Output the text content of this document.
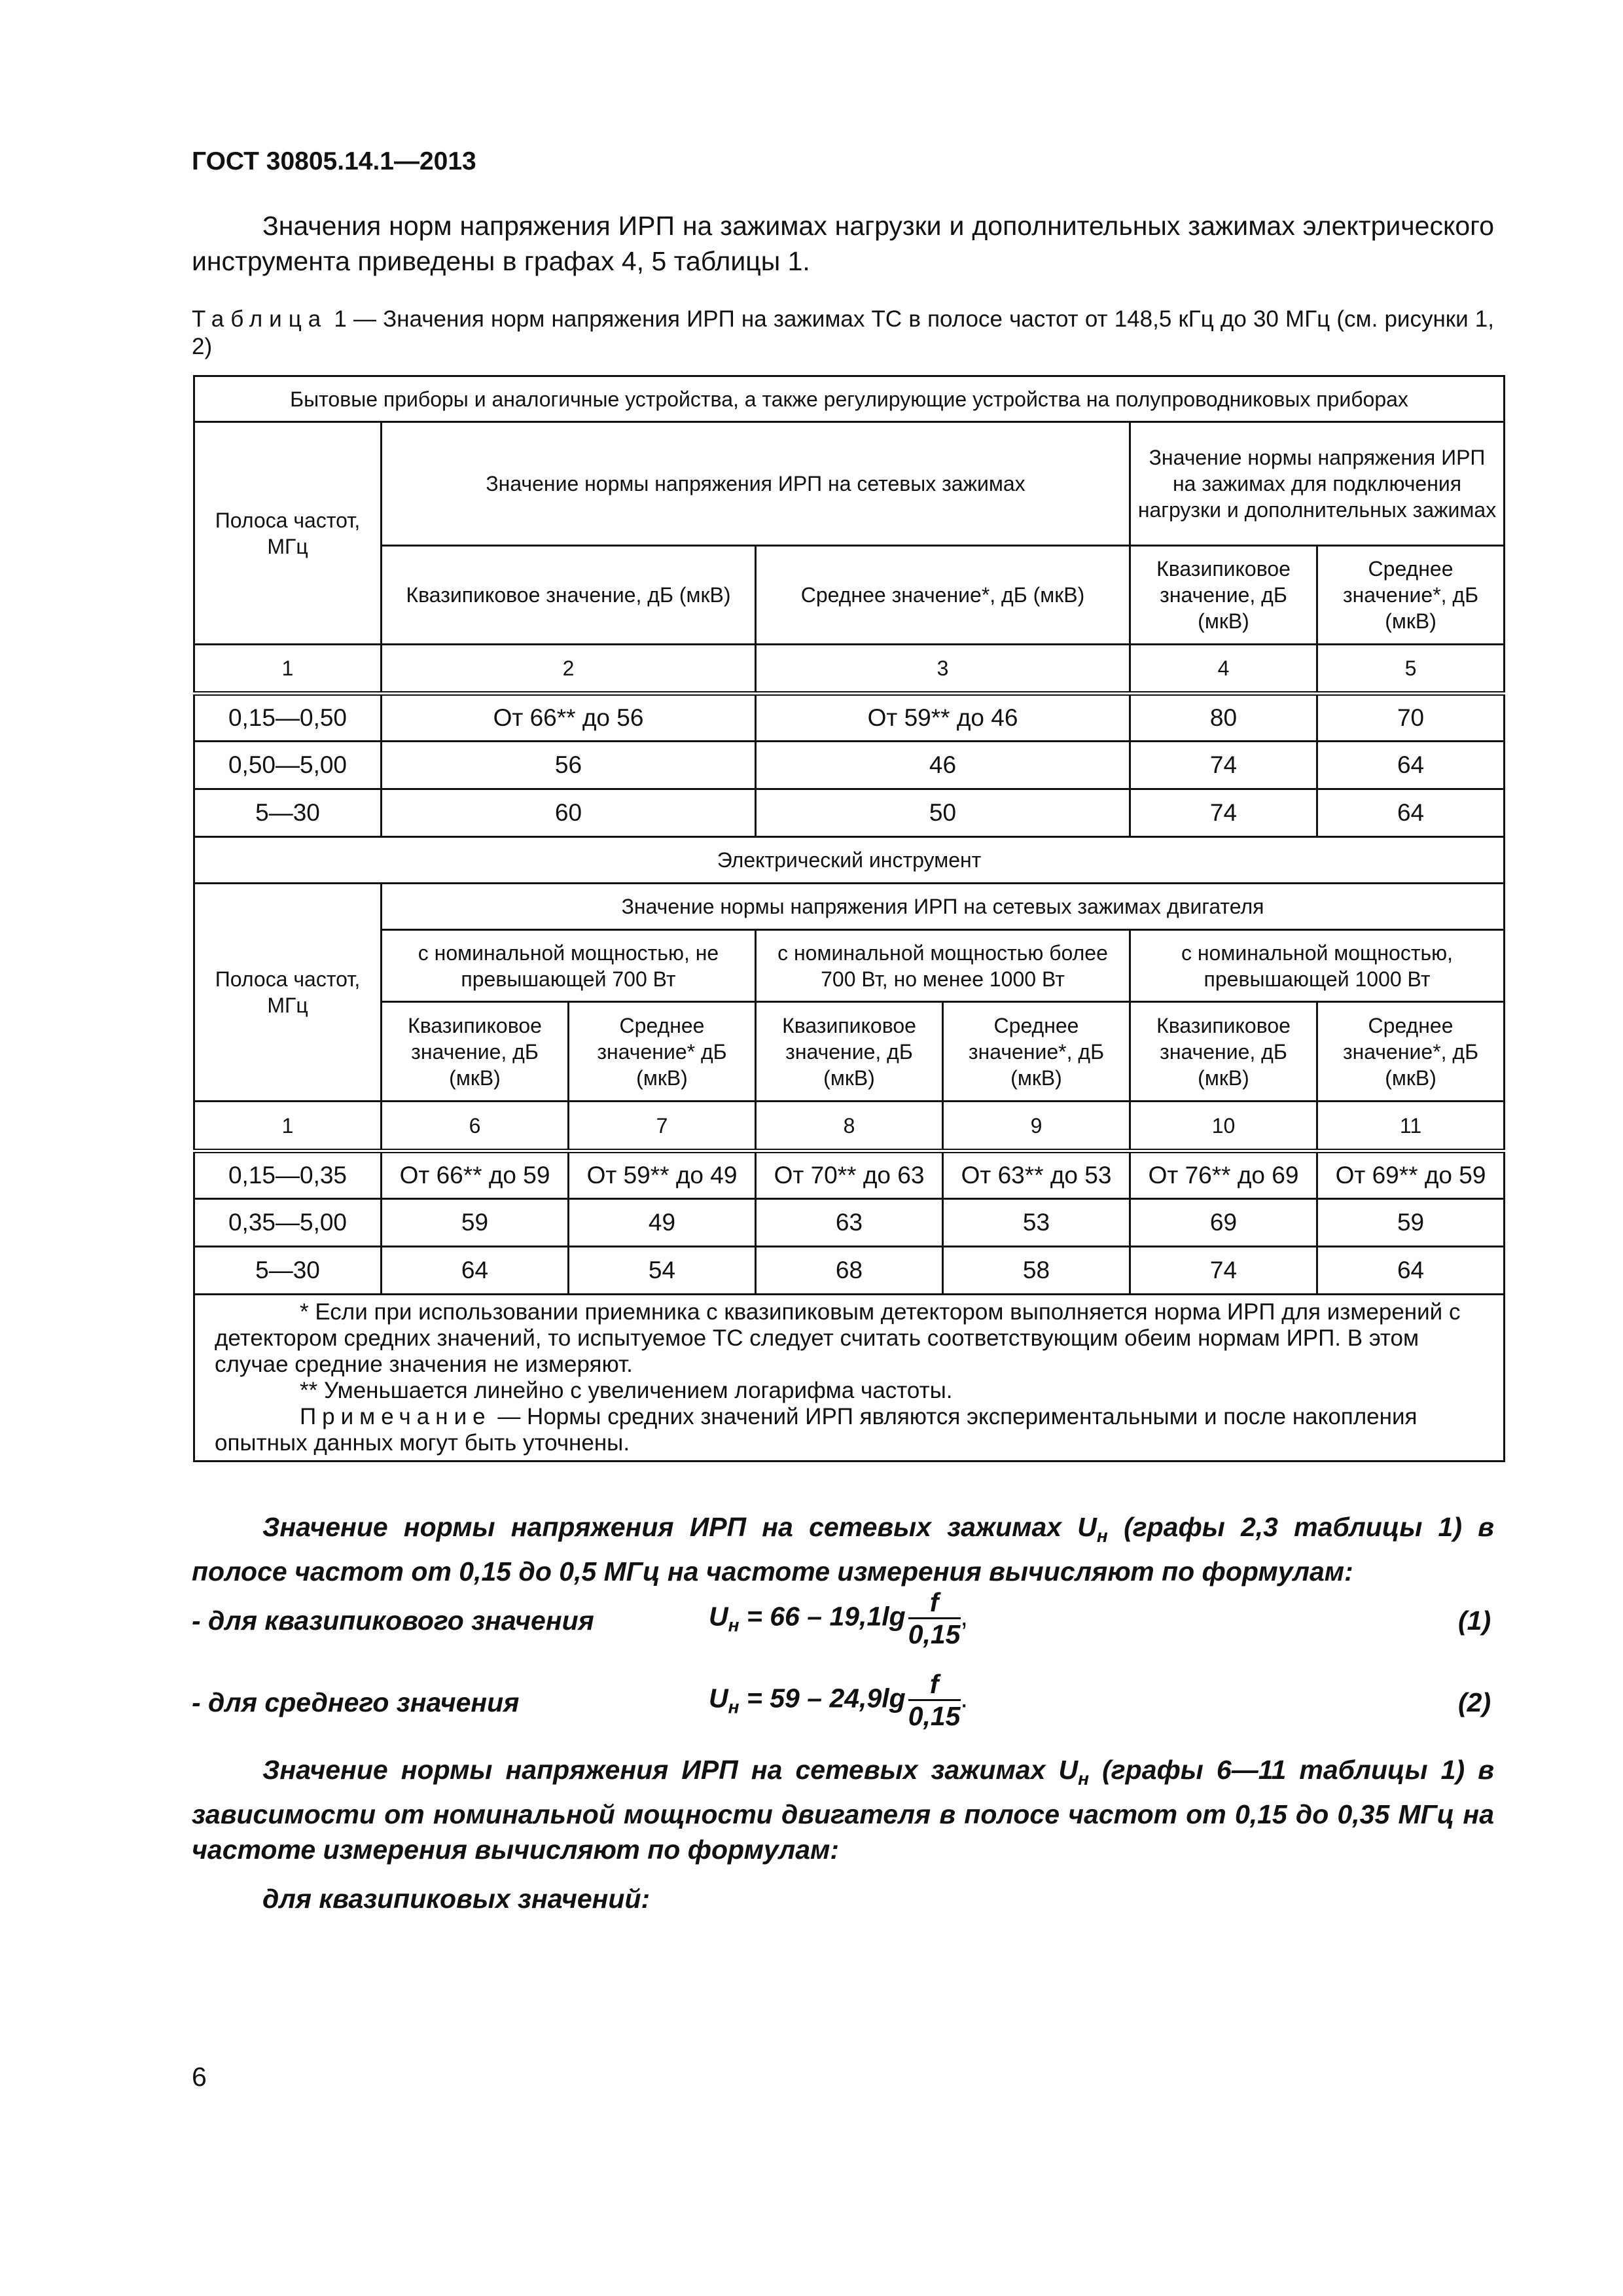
ГОСТ 30805.14.1—2013
Значения норм напряжения ИРП на зажимах нагрузки и дополнительных зажимах электрического инструмента приведены в графах 4, 5 таблицы 1.
Таблица 1 — Значения норм напряжения ИРП на зажимах ТС в полосе частот от 148,5 кГц до 30 МГц (см. рисунки 1, 2)
Бытовые приборы и аналогичные устройства, а также регулирующие устройства на полупроводниковых приборах						
Полоса частот, МГц	Значение нормы напряжения ИРП на сетевых зажимах				Значение нормы напряжения ИРП на зажимах для подключения нагрузки и дополнительных зажимах	
	Квазипиковое значение, дБ (мкВ)		Среднее значение*, дБ (мкВ)		Квазипиковое значение, дБ (мкВ)	Среднее значение*, дБ (мкВ)
1	2		3		4	5
0,15—0,50	От 66** до 56		От 59** до 46		80	70
0,50—5,00	56		46		74	64
5—30	60		50		74	64
Электрический инструмент						
Полоса частот, МГц	Значение нормы напряжения ИРП на сетевых зажимах двигателя					
	с номинальной мощностью, не превышающей 700 Вт		с номинальной мощностью более 700 Вт, но менее 1000 Вт		с номинальной мощностью, превышающей 1000 Вт	
	Квазипиковое значение, дБ (мкВ)	Среднее значение* дБ (мкВ)	Квазипиковое значение, дБ (мкВ)	Среднее значение*, дБ (мкВ)	Квазипиковое значение, дБ (мкВ)	Среднее значение*, дБ (мкВ)
1	6	7	8	9	10	11
0,15—0,35	От 66** до 59	От 59** до 49	От 70** до 63	От 63** до 53	От 76** до 69	От 69** до 59
0,35—5,00	59	49	63	53	69	59
5—30	64	54	68	58	74	64

* Если при использовании приемника с квазипиковым детектором выполняется норма ИРП для измерений с детектором средних значений, то испытуемое ТС следует считать соответствующим обеим нормам ИРП. В этом случае средние значения не измеряют.
** Уменьшается линейно с увеличением логарифма частоты.
Примечание — Нормы средних значений ИРП являются экспериментальными и после накопления опытных данных могут быть уточнены.						
Значение нормы напряжения ИРП на сетевых зажимах $U_н$ (графы 2,3 таблицы 1) в полосе частот от 0,15 до 0,5 МГц на частоте измерения вычисляют по формулам:
- для квазипикового значения	$U_н = 66 - 19,1\lg \frac{f}{0,15}$ ,	(1)
- для среднего значения	$U_н = 59 - 24,9\lg \frac{f}{0,15}$ .	(2)
Значение нормы напряжения ИРП на сетевых зажимах $U_н$ (графы 6—11 таблицы 1) в зависимости от номинальной мощности двигателя в полосе частот от 0,15 до 0,35 МГц на частоте измерения вычисляют по формулам:
для квазипиковых значений:
6
